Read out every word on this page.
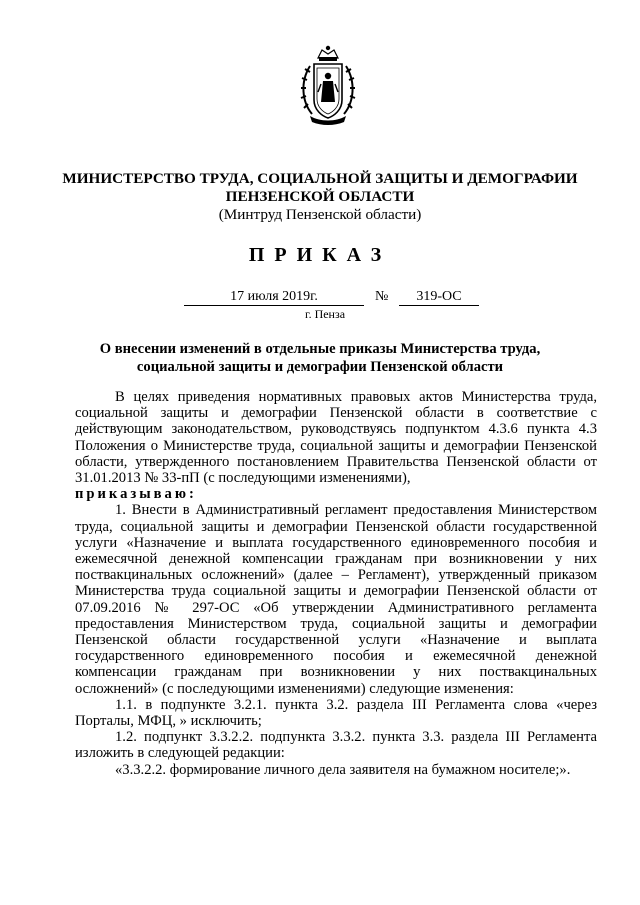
МИНИСТЕРСТВО ТРУДА, СОЦИАЛЬНОЙ ЗАЩИТЫ И ДЕМОГРАФИИ
ПЕНЗЕНСКОЙ ОБЛАСТИ
(Минтруд Пензенской области)
ПРИКАЗ
17 июля 2019г.	№	319-ОС
г. Пенза
О внесении изменений в отдельные приказы Министерства труда,
социальной защиты и демографии Пензенской области

В целях приведения нормативных правовых актов Министерства труда, социальной защиты и демографии Пензенской области в соответствие с действующим законодательством, руководствуясь подпунктом 4.3.6 пункта 4.3 Положения о Министерстве труда, социальной защиты и демографии Пензенской области, утвержденного постановлением Правительства Пензенской области от 31.01.2013 № 33-пП (с последующими изменениями),

приказываю:

1. Внести в Административный регламент предоставления Министерством труда, социальной защиты и демографии Пензенской области государственной услуги «Назначение и выплата государственного единовременного пособия и ежемесячной денежной компенсации гражданам при возникновении у них поствакцинальных осложнений» (далее – Регламент), утвержденный приказом Министерства труда социальной защиты и демографии Пензенской области от 07.09.2016 № 297-ОС «Об утверждении Административного регламента предоставления Министерством труда, социальной защиты и демографии Пензенской области государственной услуги «Назначение и выплата государственного единовременного пособия и ежемесячной денежной компенсации гражданам при возникновении у них поствакцинальных осложнений» (с последующими изменениями) следующие изменения:

1.1. в подпункте 3.2.1. пункта 3.2. раздела III Регламента слова «через Порталы, МФЦ, » исключить;

1.2. подпункт 3.3.2.2. подпункта 3.3.2. пункта 3.3. раздела III Регламента изложить в следующей редакции:

«3.3.2.2. формирование личного дела заявителя на бумажном носителе;».
